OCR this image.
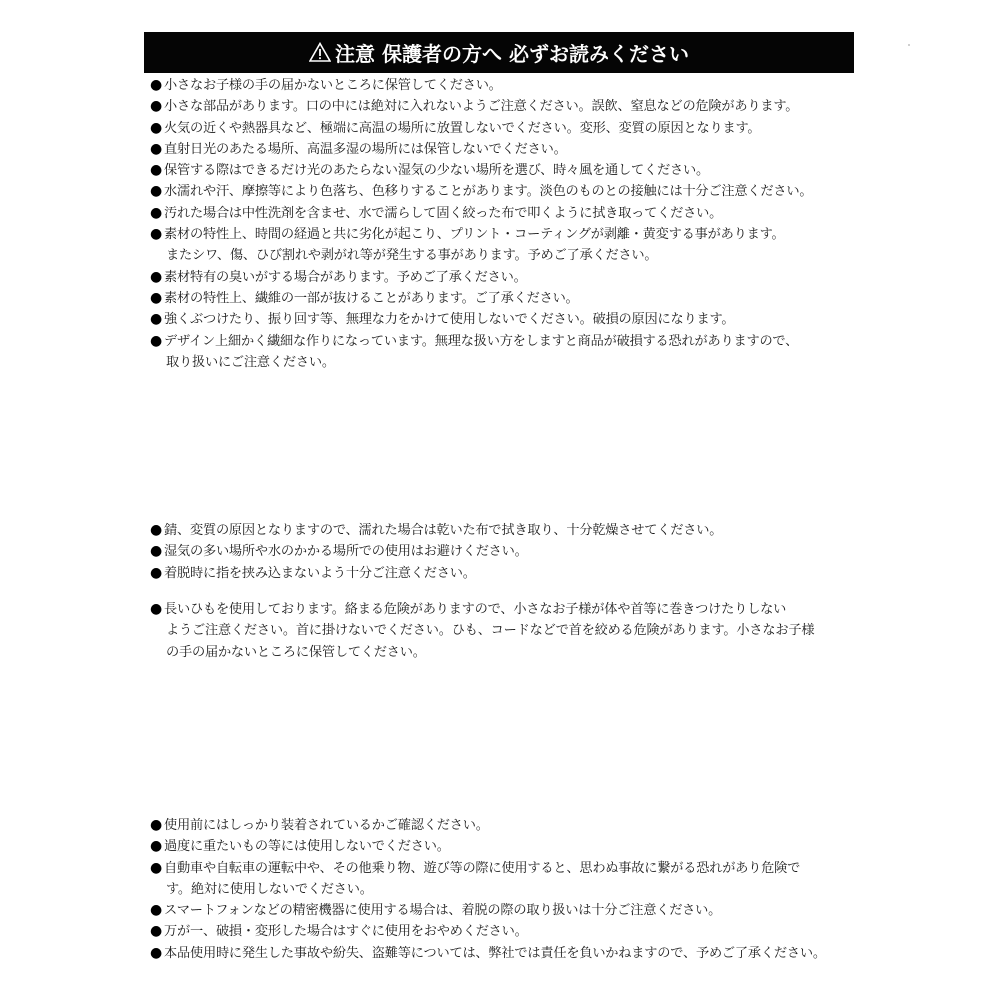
注意 保護者の方へ 必ずお読みください
● 小さなお子様の手の届かないところに保管してください。
● 小さな部品があります。口の中には絶対に入れないようご注意ください。誤飲、窒息などの危険があります。
● 火気の近くや熱器具など、極端に高温の場所に放置しないでください。変形、変質の原因となります。
● 直射日光のあたる場所、高温多湿の場所には保管しないでください。
● 保管する際はできるだけ光のあたらない湿気の少ない場所を選び、時々風を通してください。
● 水濡れや汗、摩擦等により色落ち、色移りすることがあります。淡色のものとの接触には十分ご注意ください。
● 汚れた場合は中性洗剤を含ませ、水で濡らして固く絞った布で叩くように拭き取ってください。
● 素材の特性上、時間の経過と共に劣化が起こり、プリント・コーティングが剥離・黄変する事があります。
またシワ、傷、ひび割れや剥がれ等が発生する事があります。予めご了承ください。
● 素材特有の臭いがする場合があります。予めご了承ください。
● 素材の特性上、繊維の一部が抜けることがあります。ご了承ください。
● 強くぶつけたり、振り回す等、無理な力をかけて使用しないでください。破損の原因になります。
● デザイン上細かく繊細な作りになっています。無理な扱い方をしますと商品が破損する恐れがありますので、
取り扱いにご注意ください。
● 錆、変質の原因となりますので、濡れた場合は乾いた布で拭き取り、十分乾燥させてください。
● 湿気の多い場所や水のかかる場所での使用はお避けください。
● 着脱時に指を挟み込まないよう十分ご注意ください。
● 長いひもを使用しております。絡まる危険がありますので、小さなお子様が体や首等に巻きつけたりしない
ようご注意ください。首に掛けないでください。ひも、コードなどで首を絞める危険があります。小さなお子様
の手の届かないところに保管してください。
● 使用前にはしっかり装着されているかご確認ください。
● 過度に重たいもの等には使用しないでください。
● 自動車や自転車の運転中や、その他乗り物、遊び等の際に使用すると、思わぬ事故に繋がる恐れがあり危険で
す。絶対に使用しないでください。
● スマートフォンなどの精密機器に使用する場合は、着脱の際の取り扱いは十分ご注意ください。
● 万が一、破損・変形した場合はすぐに使用をおやめください。
● 本品使用時に発生した事故や紛失、盗難等については、弊社では責任を負いかねますので、予めご了承ください。
